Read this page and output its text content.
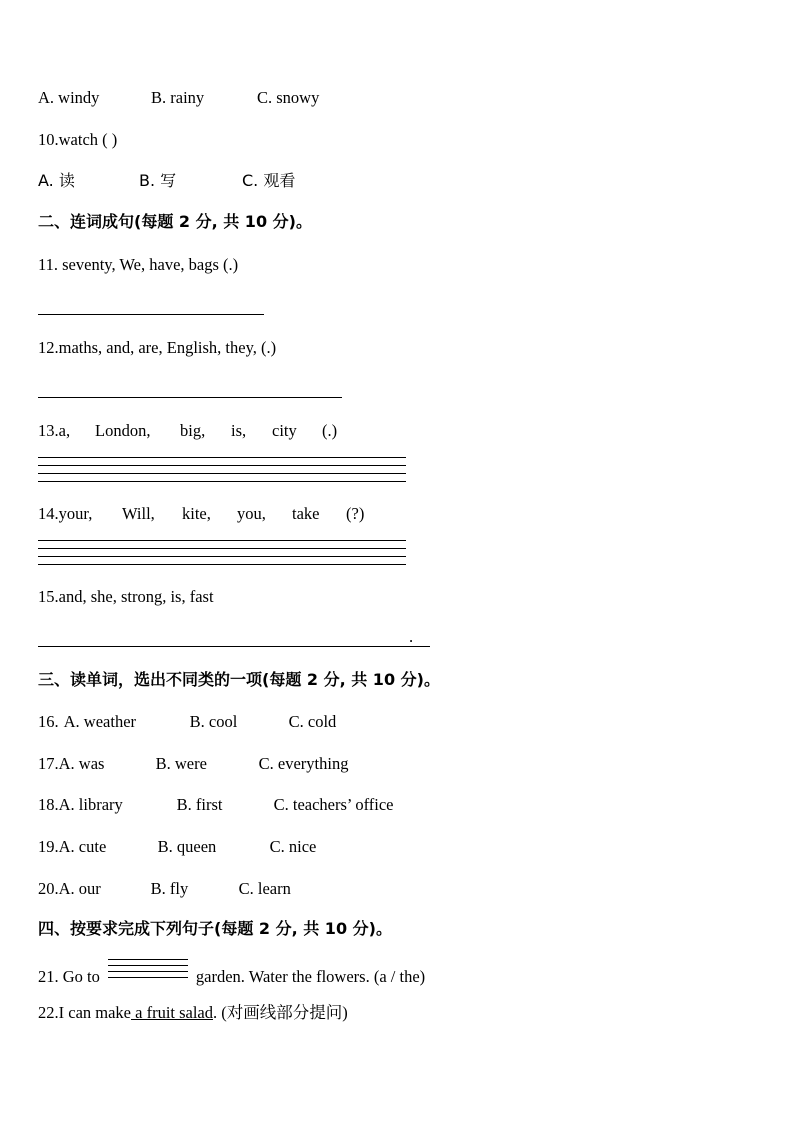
A. windy	B. rainy	C. snowy
10.watch ( )
A. 读	B. 写	C. 观看
二、连词成句(每题 2 分, 共 10 分)。
11. seventy, We, have, bags (.)
12.maths, and, are, English, they, (.)
13.a, London, big, is, city (.)
14.your, Will, kite, you, take (?)
15.and, she, strong, is, fast
.
三、读单词，选出不同类的一项(每题 2 分, 共 10 分)。
16. A. weather	B. cool	C. cold
17.A. was	B. were	C. everything
18.A. library	B. first	C. teachers’ office
19.A. cute	B. queen	C. nice
20.A. our	B. fly	C. learn
四、按要求完成下列句子(每题 2 分, 共 10 分)。
21. Go to	garden. Water the flowers. (a / the)
22.I can make a fruit salad. (对画线部分提问)
